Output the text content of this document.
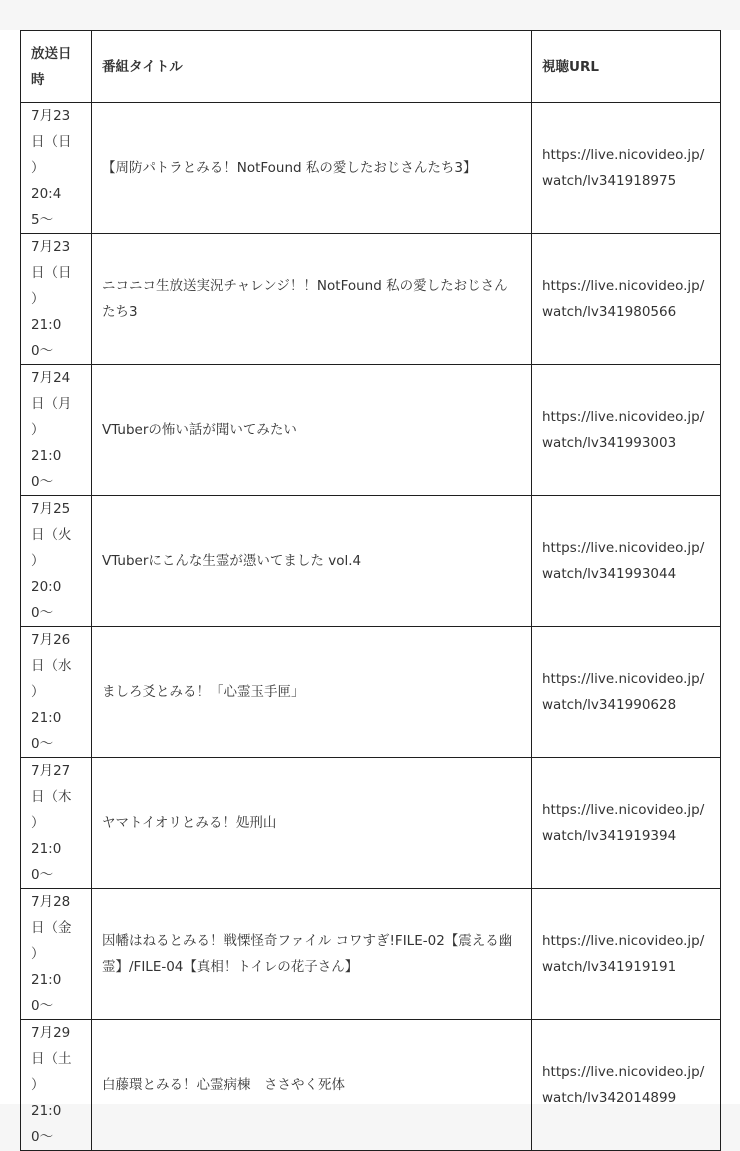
放送日時	番組タイトル	視聴URL

7月23
日（日
）
20:45〜	【周防パトラとみる！NotFound 私の愛したおじさんたち3】	https://live.nicovideo.jp/watch/lv341918975

7月23
日（日
）
21:00〜	ニコニコ生放送実況チャレンジ！！NotFound 私の愛したおじさんたち3	https://live.nicovideo.jp/watch/lv341980566

7月24
日（月
）
21:00〜	VTuberの怖い話が聞いてみたい	https://live.nicovideo.jp/watch/lv341993003

7月25
日（火
）
20:00〜	VTuberにこんな生霊が憑いてました vol.4	https://live.nicovideo.jp/watch/lv341993044

7月26
日（水
）
21:00〜	ましろ爻とみる！「心霊玉手匣」	https://live.nicovideo.jp/watch/lv341990628

7月27
日（木
）
21:00〜	ヤマトイオリとみる！処刑山	https://live.nicovideo.jp/watch/lv341919394

7月28
日（金
）
21:00〜	因幡はねるとみる！戦慄怪奇ファイル コワすぎ!FILE-02【震える幽霊】/FILE-04【真相！トイレの花子さん】	https://live.nicovideo.jp/watch/lv341919191

7月29
日（土
）
21:00〜	白藤環とみる！心霊病棟　ささやく死体	https://live.nicovideo.jp/watch/lv342014899
